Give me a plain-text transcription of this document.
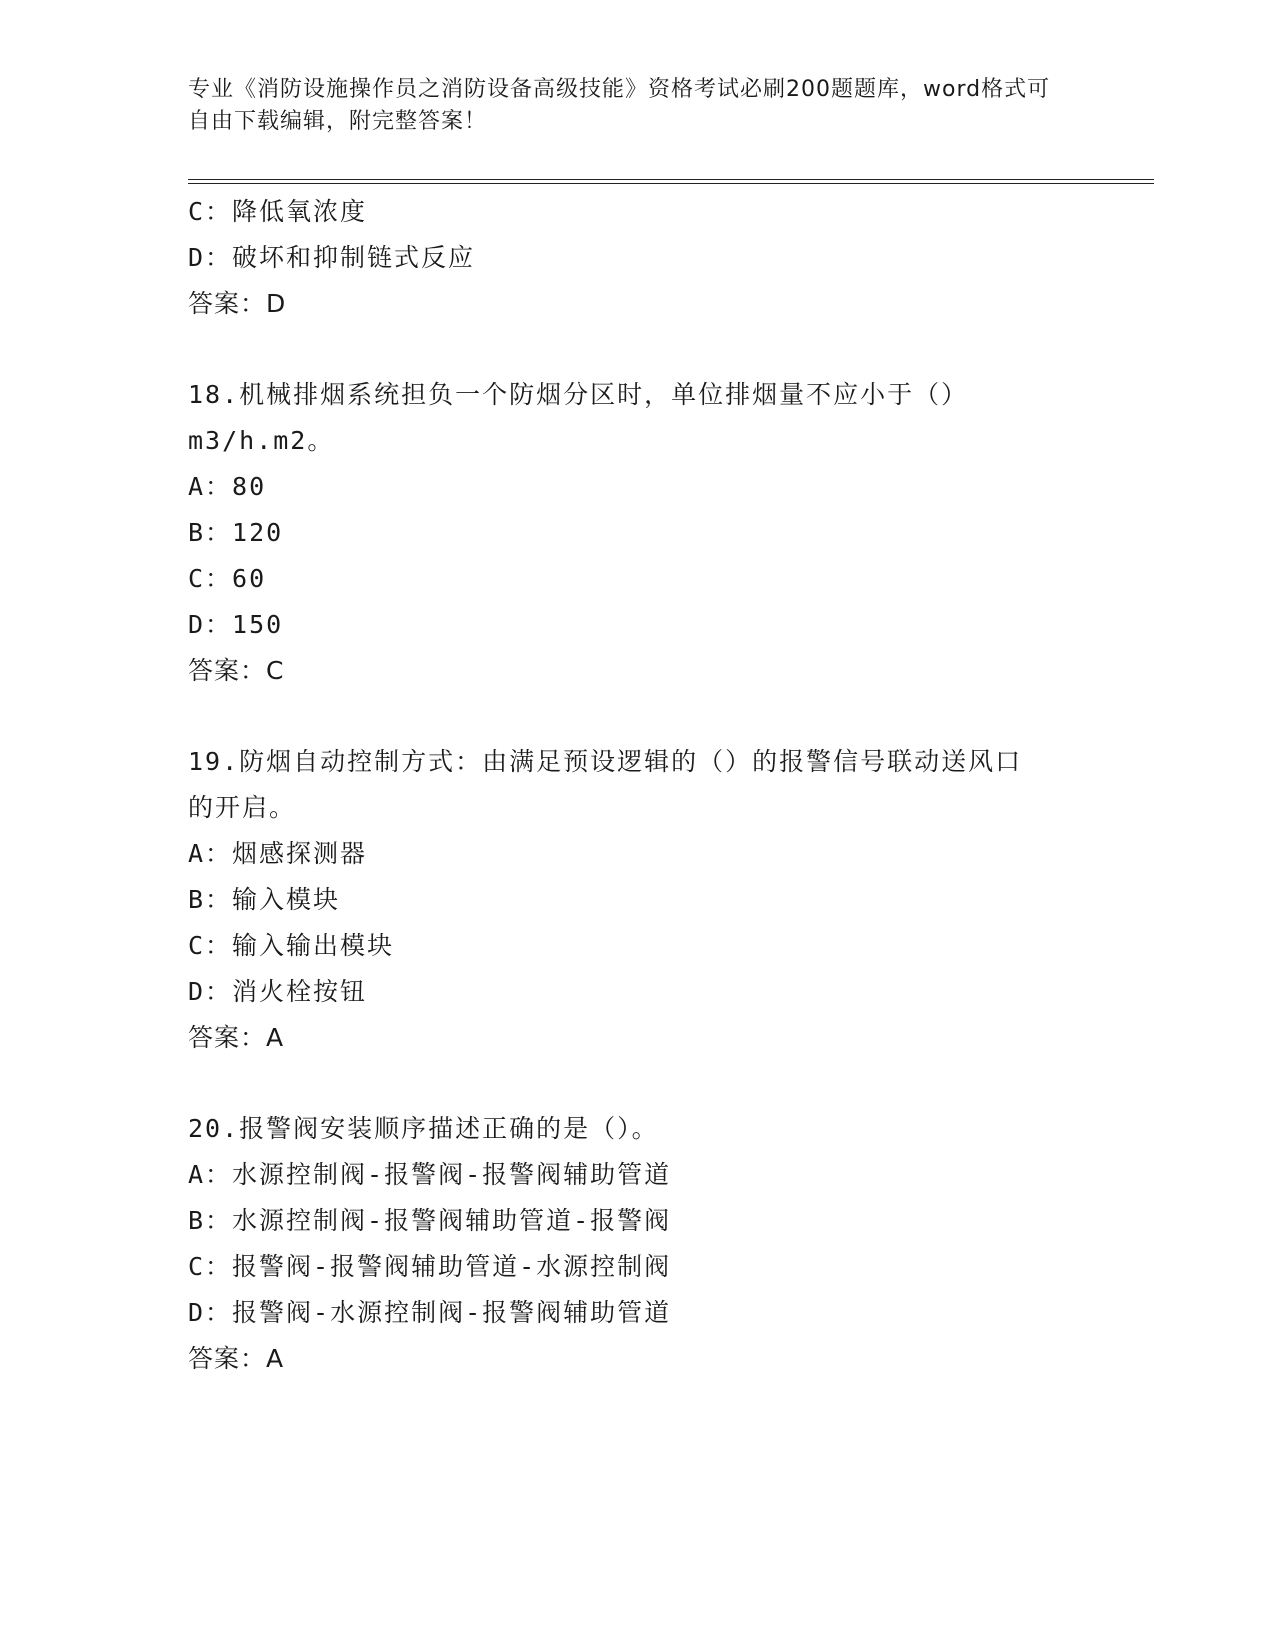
专业《消防设施操作员之消防设备高级技能》资格考试必刷200题题库，word格式可自由下载编辑，附完整答案！
C：降低氧浓度
D：破坏和抑制链式反应
答案：D
18.机械排烟系统担负一个防烟分区时，单位排烟量不应小于（）
m3/h.m2。
A：80
B：120
C：60
D：150
答案：C
19.防烟自动控制方式：由满足预设逻辑的（）的报警信号联动送风口
的开启。
A：烟感探测器
B：输入模块
C：输入输出模块
D：消火栓按钮
答案：A
20.报警阀安装顺序描述正确的是（）。
A：水源控制阀-报警阀-报警阀辅助管道
B：水源控制阀-报警阀辅助管道-报警阀
C：报警阀-报警阀辅助管道-水源控制阀
D：报警阀-水源控制阀-报警阀辅助管道
答案：A
